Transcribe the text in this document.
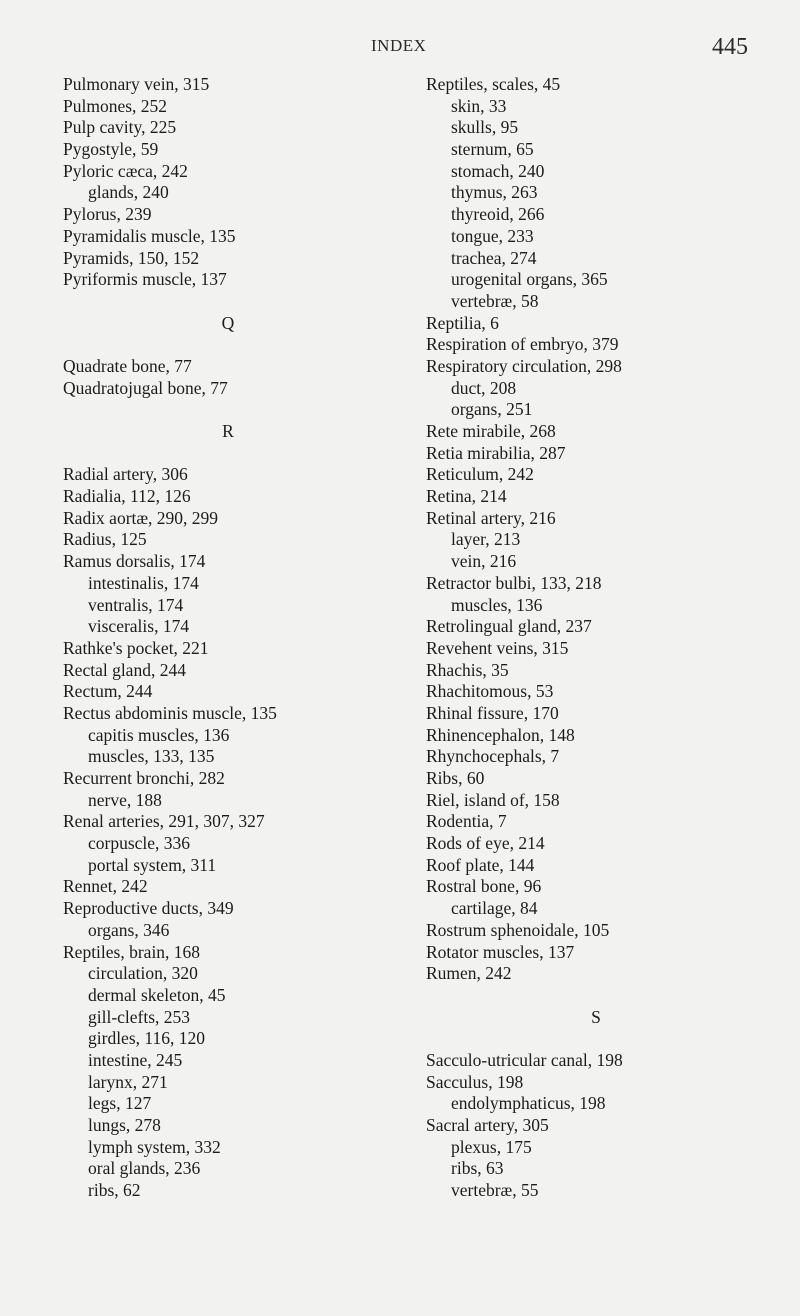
INDEX	445
Pulmonary vein, 315
Pulmones, 252
Pulp cavity, 225
Pygostyle, 59
Pyloric cæca, 242
glands, 240
Pylorus, 239
Pyramidalis muscle, 135
Pyramids, 150, 152
Pyriformis muscle, 137
Q
Quadrate bone, 77
Quadratojugal bone, 77
R
Radial artery, 306
Radialia, 112, 126
Radix aortæ, 290, 299
Radius, 125
Ramus dorsalis, 174
intestinalis, 174
ventralis, 174
visceralis, 174
Rathke's pocket, 221
Rectal gland, 244
Rectum, 244
Rectus abdominis muscle, 135
capitis muscles, 136
muscles, 133, 135
Recurrent bronchi, 282
nerve, 188
Renal arteries, 291, 307, 327
corpuscle, 336
portal system, 311
Rennet, 242
Reproductive ducts, 349
organs, 346
Reptiles, brain, 168
circulation, 320
dermal skeleton, 45
gill-clefts, 253
girdles, 116, 120
intestine, 245
larynx, 271
legs, 127
lungs, 278
lymph system, 332
oral glands, 236
ribs, 62
Reptiles, scales, 45
skin, 33
skulls, 95
sternum, 65
stomach, 240
thymus, 263
thyreoid, 266
tongue, 233
trachea, 274
urogenital organs, 365
vertebræ, 58
Reptilia, 6
Respiration of embryo, 379
Respiratory circulation, 298
duct, 208
organs, 251
Rete mirabile, 268
Retia mirabilia, 287
Reticulum, 242
Retina, 214
Retinal artery, 216
layer, 213
vein, 216
Retractor bulbi, 133, 218
muscles, 136
Retrolingual gland, 237
Revehent veins, 315
Rhachis, 35
Rhachitomous, 53
Rhinal fissure, 170
Rhinencephalon, 148
Rhynchocephals, 7
Ribs, 60
Riel, island of, 158
Rodentia, 7
Rods of eye, 214
Roof plate, 144
Rostral bone, 96
cartilage, 84
Rostrum sphenoidale, 105
Rotator muscles, 137
Rumen, 242
S
Sacculo-utricular canal, 198
Sacculus, 198
endolymphaticus, 198
Sacral artery, 305
plexus, 175
ribs, 63
vertebræ, 55
